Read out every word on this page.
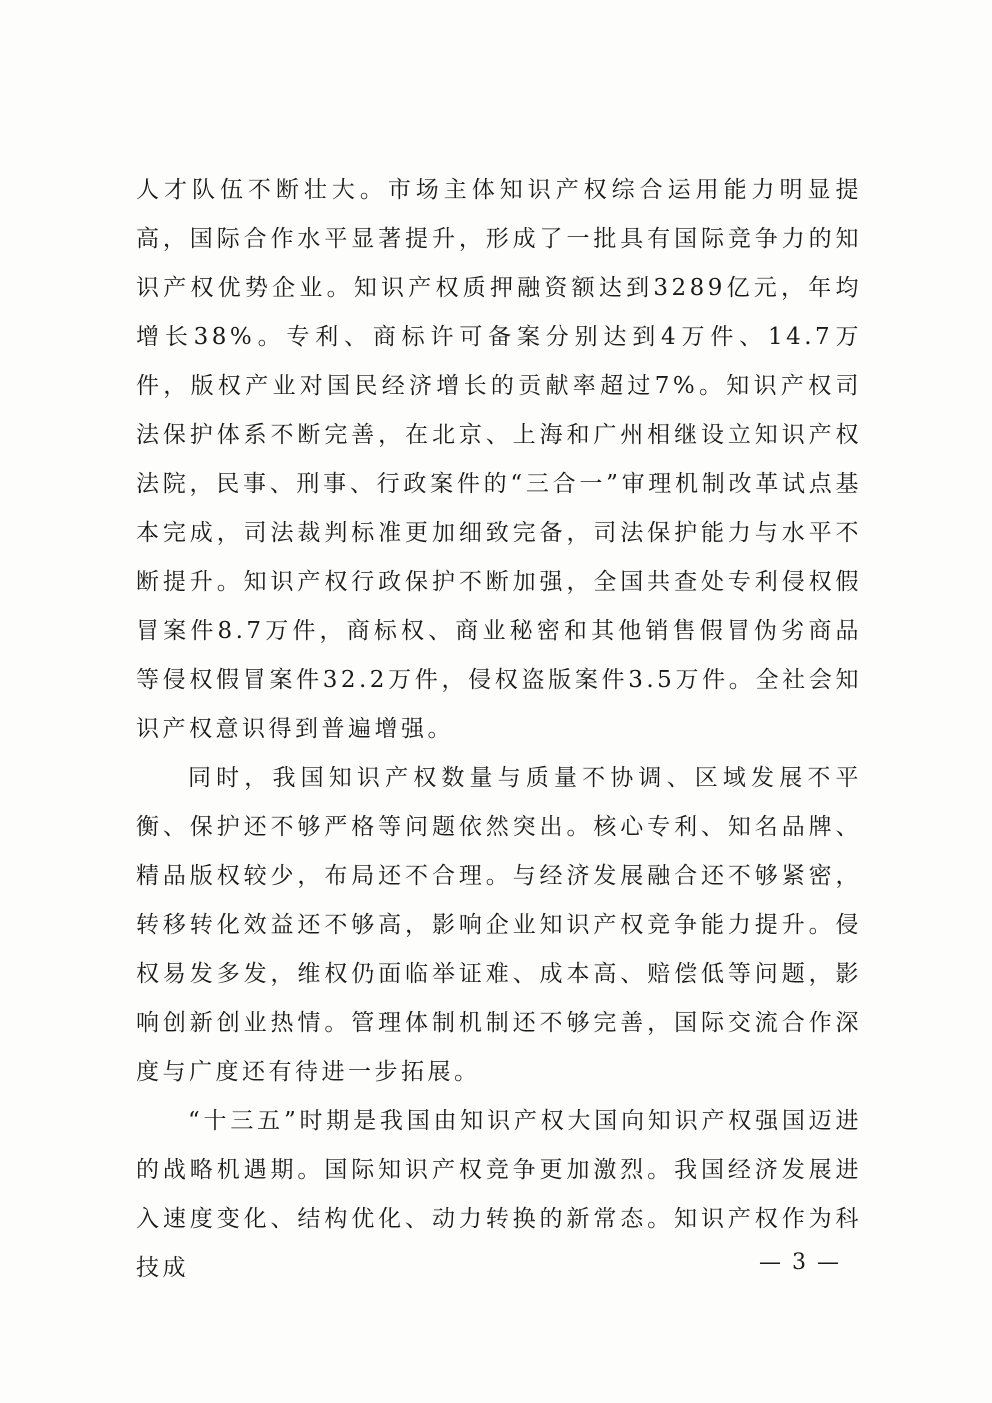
人才队伍不断壮大。市场主体知识产权综合运用能力明显提高，国际合作水平显著提升，形成了一批具有国际竞争力的知识产权优势企业。知识产权质押融资额达到3289亿元，年均增长38%。专利、商标许可备案分别达到4万件、14.7万件，版权产业对国民经济增长的贡献率超过7%。知识产权司法保护体系不断完善，在北京、上海和广州相继设立知识产权法院，民事、刑事、行政案件的“三合一”审理机制改革试点基本完成，司法裁判标准更加细致完备，司法保护能力与水平不断提升。知识产权行政保护不断加强，全国共查处专利侵权假冒案件8.7万件，商标权、商业秘密和其他销售假冒伪劣商品等侵权假冒案件32.2万件，侵权盗版案件3.5万件。全社会知识产权意识得到普遍增强。

同时，我国知识产权数量与质量不协调、区域发展不平衡、保护还不够严格等问题依然突出。核心专利、知名品牌、精品版权较少，布局还不合理。与经济发展融合还不够紧密，转移转化效益还不够高，影响企业知识产权竞争能力提升。侵权易发多发，维权仍面临举证难、成本高、赔偿低等问题，影响创新创业热情。管理体制机制还不够完善，国际交流合作深度与广度还有待进一步拓展。

“十三五”时期是我国由知识产权大国向知识产权强国迈进的战略机遇期。国际知识产权竞争更加激烈。我国经济发展进入速度变化、结构优化、动力转换的新常态。知识产权作为科技成	— 3 —
